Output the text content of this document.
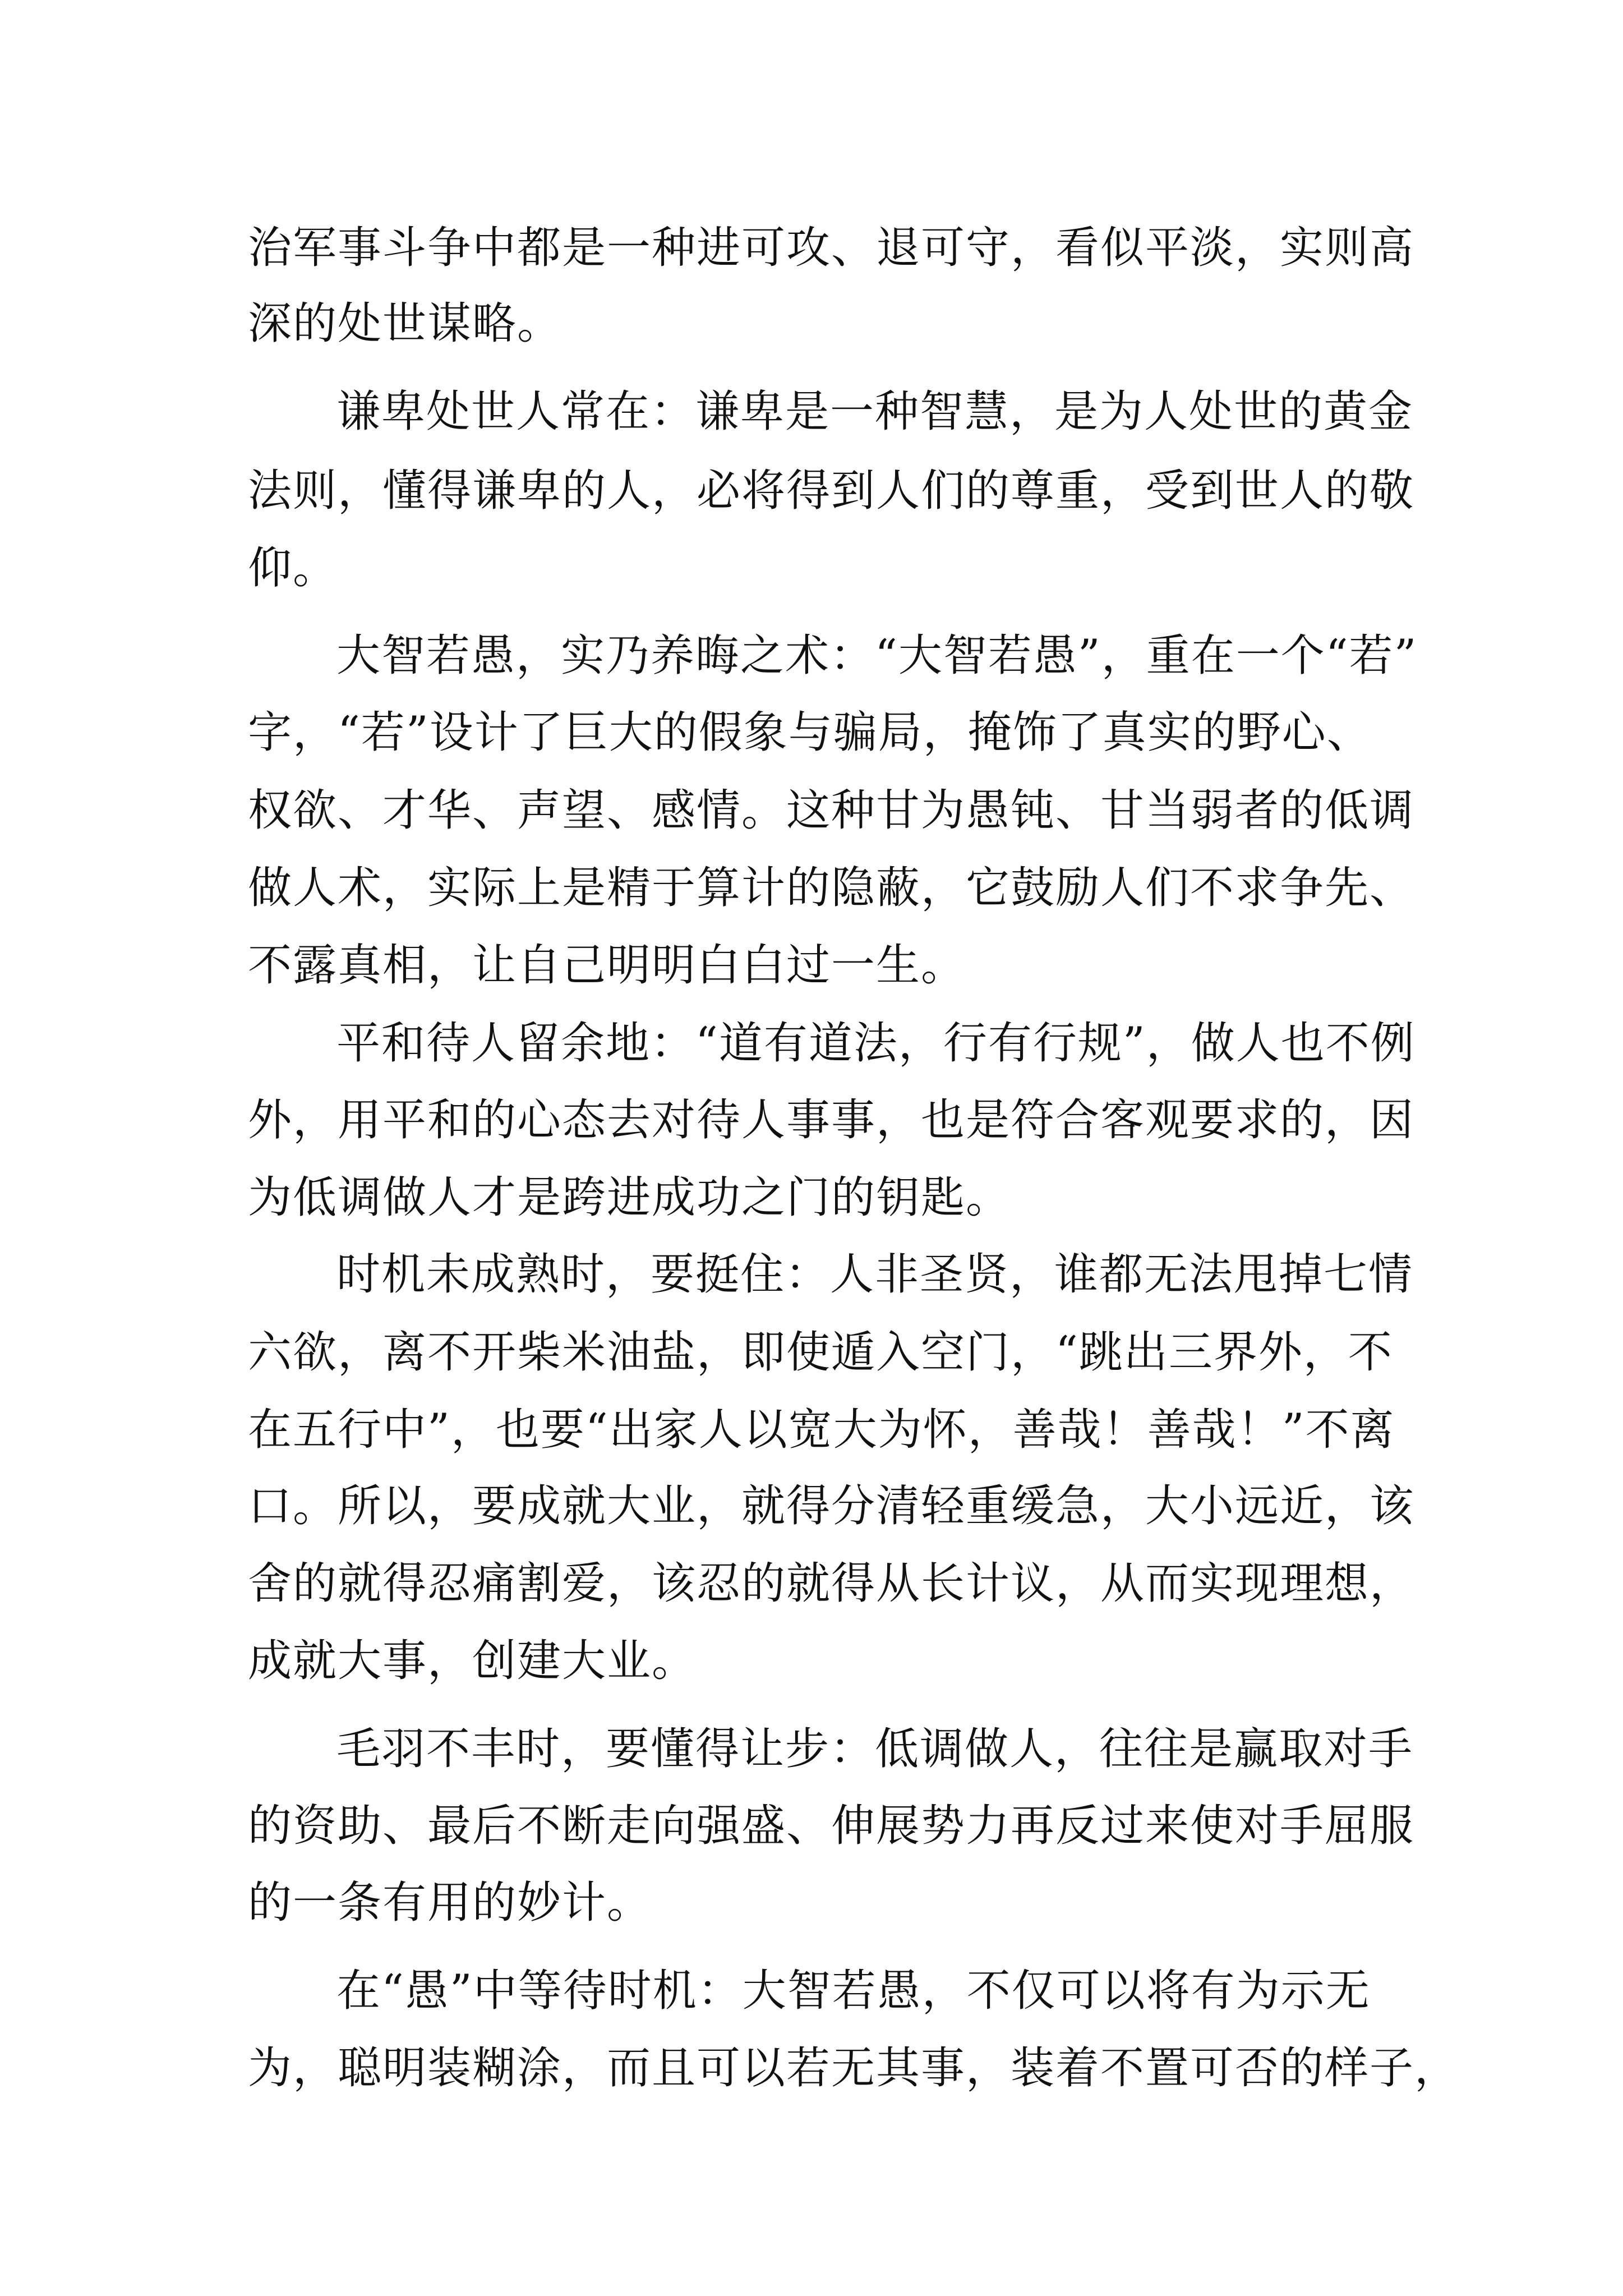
治军事斗争中都是一种进可攻、退可守，看似平淡，实则高
深的处世谋略。
谦卑处世人常在：谦卑是一种智慧，是为人处世的黄金
法则，懂得谦卑的人，必将得到人们的尊重，受到世人的敬
仰。
大智若愚，实乃养晦之术：“大智若愚”，重在一个“若”
字，“若”设计了巨大的假象与骗局，掩饰了真实的野心、
权欲、才华、声望、感情。这种甘为愚钝、甘当弱者的低调
做人术，实际上是精于算计的隐蔽，它鼓励人们不求争先、
不露真相，让自己明明白白过一生。
平和待人留余地：“道有道法，行有行规”，做人也不例
外，用平和的心态去对待人事事，也是符合客观要求的，因
为低调做人才是跨进成功之门的钥匙。
时机未成熟时，要挺住：人非圣贤，谁都无法甩掉七情
六欲，离不开柴米油盐，即使遁入空门，“跳出三界外，不
在五行中”，也要“出家人以宽大为怀，善哉！善哉！”不离
口。所以，要成就大业，就得分清轻重缓急，大小远近，该
舍的就得忍痛割爱，该忍的就得从长计议，从而实现理想，
成就大事，创建大业。
毛羽不丰时，要懂得让步：低调做人，往往是赢取对手
的资助、最后不断走向强盛、伸展势力再反过来使对手屈服
的一条有用的妙计。
在“愚”中等待时机：大智若愚，不仅可以将有为示无
为，聪明装糊涂，而且可以若无其事，装着不置可否的样子，
